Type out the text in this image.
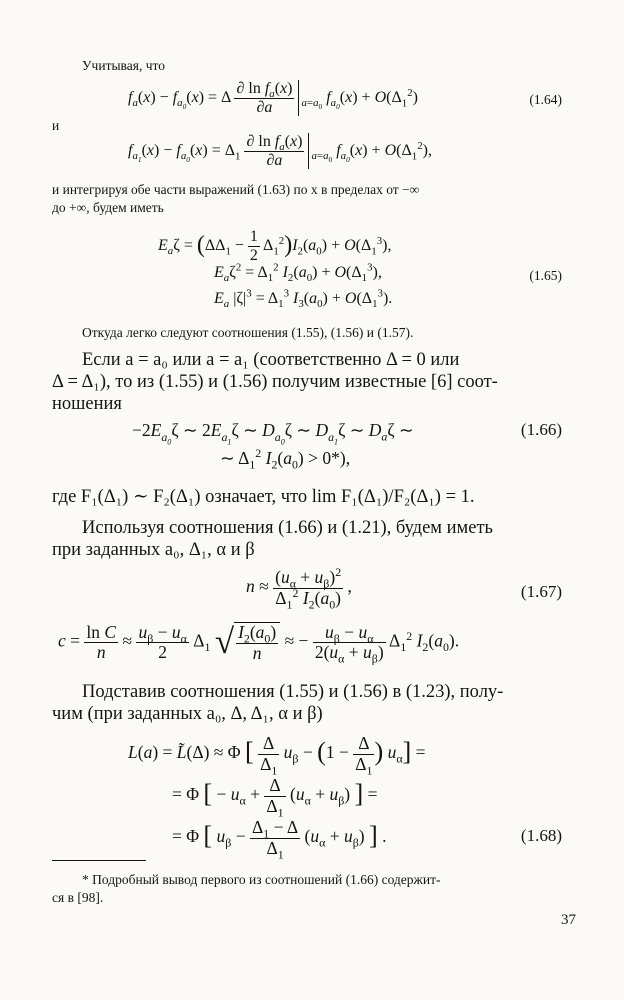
Учитывая, что
$f_a(x) - f_{a_0}(x) = \Delta \frac{\partial \ln f_a(x)}{\partial a} _{a=a_0}$ $f_{a_0}(x) + O(\Delta_1^2)$	(1.64)
и
$f_{a_1}(x) - f_{a_0}(x) = \Delta_1 \frac{\partial \ln f_a(x)}{\partial a} _{a=a_0}$ $f_{a_0}(x) + O(\Delta_1^2)$,
и интегрируя обе части выражений (1.63) по x в пределах от −∞
до +∞, будем иметь
$E_a\zeta = (\Delta\Delta_1 - \frac{1}{2} \Delta_1^2)I_2(a_0) + O(\Delta_1^3)$,
$E_a\zeta^2 = \Delta_1^2$ $I_2(a_0) + O(\Delta_1^3)$,	(1.65)
$E_a$ $|\zeta|^3 = \Delta_1^3$ $I_3(a_0) + O(\Delta_1^3)$.
Откуда легко следуют соотношения (1.55), (1.56) и (1.57).
Если a = a₀ или a = a₁ (соответственно Δ = 0 или
Δ = Δ₁), то из (1.55) и (1.56) получим известные [6] соот-
ношения
$-2E_{a_0}\zeta$ ∼ $2E_{a_1}\zeta$ ∼ $D_{a_0}\zeta$ ∼ $D_{a_1}\zeta$ ∼ $D_a\zeta$ ∼	(1.66)
∼ $\Delta_1^2$ $I_2(a_0) > 0*$),
где F₁(Δ₁) ∼ F₂(Δ₁) означает, что lim F₁(Δ₁)/F₂(Δ₁) = 1.
Используя соотношения (1.66) и (1.21), будем иметь
при заданных a₀, Δ₁, α и β
$n \approx \frac{(u_\alpha + u_\beta)^2}{\Delta_1^2 I_2(a_0)}$ ,	(1.67)
$c = \frac{\text{ln C}}{n} \approx \frac{u_\beta - u_\alpha}{2} \Delta_1$ √ $\frac{I_2(a_0)}{n}$ ≈ − $\frac{u_\beta - u_\alpha}{2(u_\alpha + u_\beta)} \Delta_1^2$ $I_2(a_0)$.
Подставив соотношения (1.55) и (1.56) в (1.23), полу-
чим (при заданных a₀, Δ, Δ₁, α и β)
L(a) = L̃(Δ) ≈ Φ [ $\frac{\Delta}{\Delta_1} u_\beta - (1 - \frac{\Delta}{\Delta_1}$ ) $u_\alpha$] =
= Φ [ − $u_\alpha + \frac{\Delta}{\Delta_1} (u_\alpha + u_\beta)$ ] =
= Φ [ $u_\beta - \frac{\Delta_1 - \Delta}{\Delta_1} (u_\alpha + u_\beta)$ ] .	(1.68)
* Подробный вывод первого из соотношений (1.66) содержит-
ся в [98].
37
